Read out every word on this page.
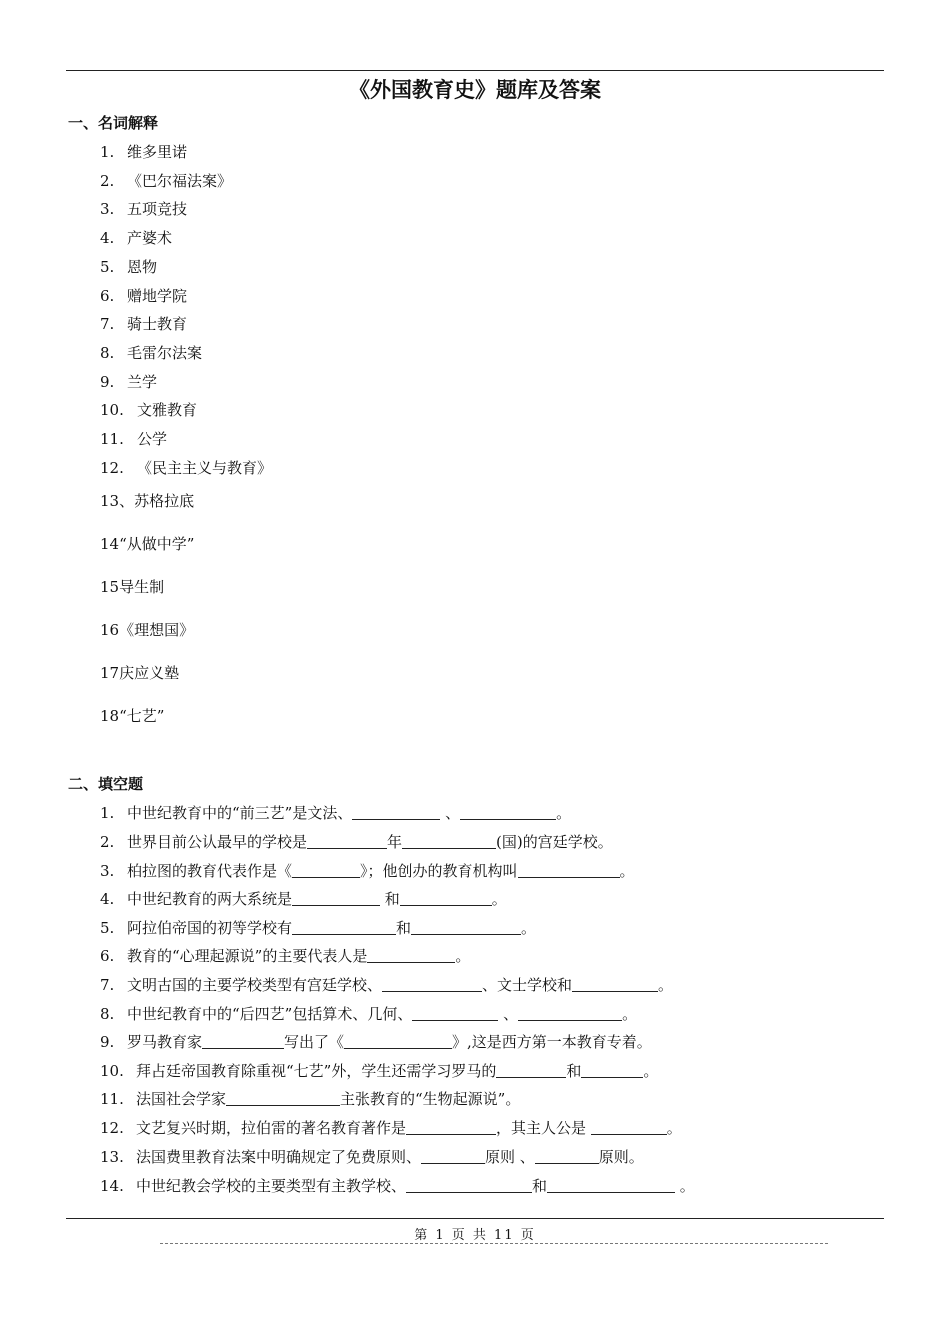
《外国教育史》题库及答案
一、名词解释
1. 维多里诺
2. 《巴尔福法案》
3. 五项竞技
4. 产婆术
5. 恩物
6. 赠地学院
7. 骑士教育
8. 毛雷尔法案
9. 兰学
10. 文雅教育
11. 公学
12. 《民主主义与教育》
13、苏格拉底
14“从做中学”
15导生制
16《理想国》
17庆应义塾
18“七艺”
二、填空题
1. 中世纪教育中的“前三艺”是文法、	、	。
2. 世界目前公认最早的学校是	年	(国)的宫廷学校。
3. 柏拉图的教育代表作是《	》；他创办的教育机构叫	。
4. 中世纪教育的两大系统是	和	。
5. 阿拉伯帝国的初等学校有	和	。
6. 教育的“心理起源说”的主要代表人是	。
7. 文明古国的主要学校类型有宫廷学校、	、文士学校和	。
8. 中世纪教育中的“后四艺”包括算术、几何、	、	。
9. 罗马教育家	写出了《	》,这是西方第一本教育专着。
10. 拜占廷帝国教育除重视“七艺”外，学生还需学习罗马的	和	。
11. 法国社会学家	主张教育的“生物起源说”。
12. 文艺复兴时期，拉伯雷的著名教育著作是	，其主人公是	。
13. 法国费里教育法案中明确规定了免费原则、	原则 、	原则。
14. 中世纪教会学校的主要类型有主教学校、	和	。
第 1 页 共 11 页
